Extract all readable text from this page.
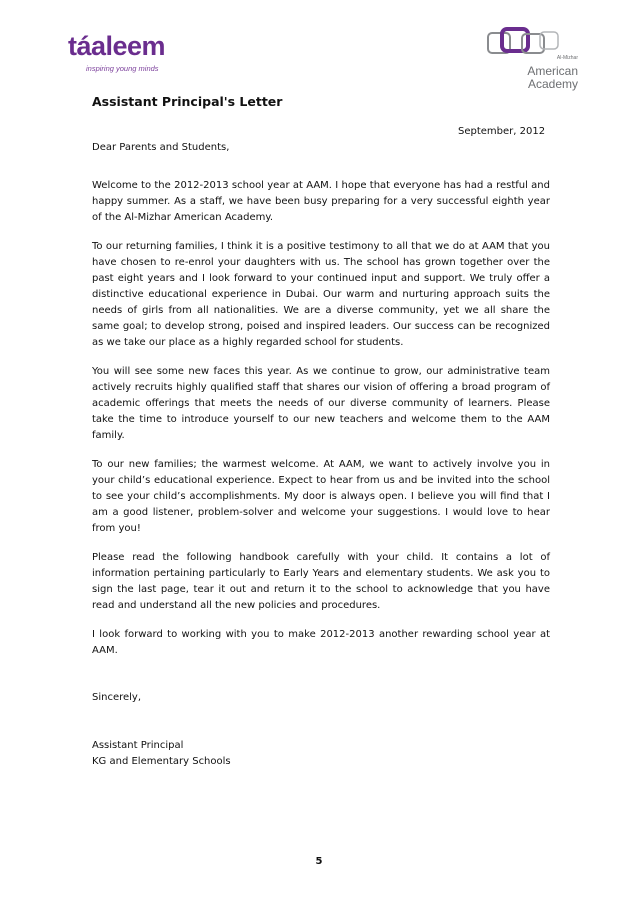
táaleem
inspiring young minds
Al-Mizhar
American
Academy
Assistant Principal's Letter
September, 2012

Dear Parents and Students,

Welcome to the 2012-2013 school year at AAM. I hope that everyone has had a restful and happy summer. As a staff, we have been busy preparing for a very successful eighth year of the Al-Mizhar American Academy.

To our returning families, I think it is a positive testimony to all that we do at AAM that you have chosen to re-enrol your daughters with us. The school has grown together over the past eight years and I look forward to your continued input and support. We truly offer a distinctive educational experience in Dubai. Our warm and nurturing approach suits the needs of girls from all nationalities. We are a diverse community, yet we all share the same goal; to develop strong, poised and inspired leaders. Our success can be recognized as we take our place as a highly regarded school for students.

You will see some new faces this year. As we continue to grow, our administrative team actively recruits highly qualified staff that shares our vision of offering a broad program of academic offerings that meets the needs of our diverse community of learners. Please take the time to introduce yourself to our new teachers and welcome them to the AAM family.

To our new families; the warmest welcome. At AAM, we want to actively involve you in your child’s educational experience. Expect to hear from us and be invited into the school to see your child’s accomplishments. My door is always open. I believe you will find that I am a good listener, problem-solver and welcome your suggestions. I would love to hear from you!

Please read the following handbook carefully with your child. It contains a lot of information pertaining particularly to Early Years and elementary students. We ask you to sign the last page, tear it out and return it to the school to acknowledge that you have read and understand all the new policies and procedures.

I look forward to working with you to make 2012-2013 another rewarding school year at AAM.

Sincerely,

Assistant Principal

KG and Elementary Schools

5
